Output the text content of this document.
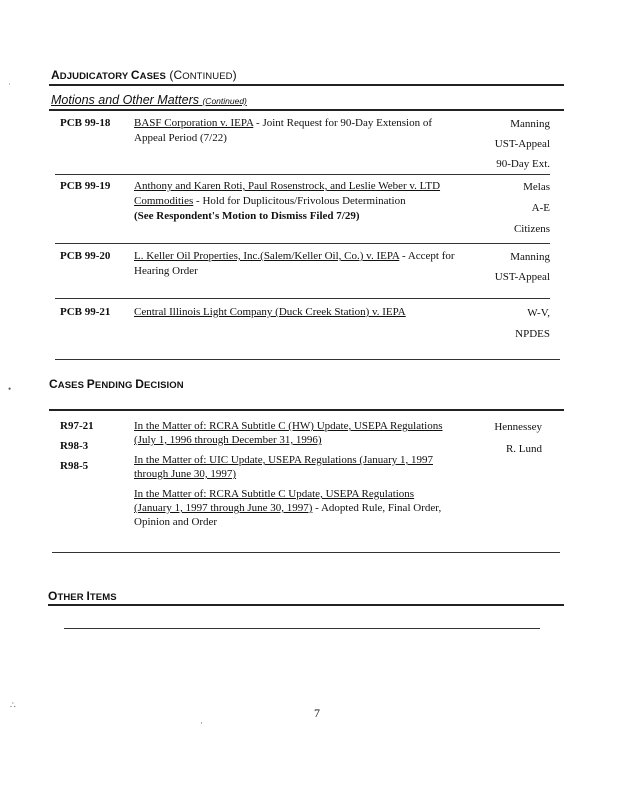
ADJUDICATORY CASES (CONTINUED)
Motions and Other Matters (Continued)
PCB 99-18 BASF Corporation v. IEPA - Joint Request for 90-Day Extension of Appeal Period (7/22)
Manning
UST-Appeal
90-Day Ext.
PCB 99-19 Anthony and Karen Roti, Paul Rosenstrock, and Leslie Weber v. LTD Commodities - Hold for Duplicitous/Frivolous Determination
(See Respondent's Motion to Dismiss Filed 7/29)
Melas
A-E
Citizens
PCB 99-20 L. Keller Oil Properties, Inc.(Salem/Keller Oil, Co.) v. IEPA - Accept for Hearing Order
Manning
UST-Appeal
PCB 99-21 Central Illinois Light Company (Duck Creek Station) v. IEPA	W-V,
NPDES
CASES PENDING DECISION
R97-21
R98-3
R98-5

In the Matter of: RCRA Subtitle C (HW) Update, USEPA Regulations (July 1, 1996 through December 31, 1996)

In the Matter of: UIC Update, USEPA Regulations (January 1, 1997 through June 30, 1997)

In the Matter of: RCRA Subtitle C Update, USEPA Regulations (January 1, 1997 through June 30, 1997) - Adopted Rule, Final Order, Opinion and Order

Hennessey
R. Lund
OTHER ITEMS
7
˙
•
∴
·
